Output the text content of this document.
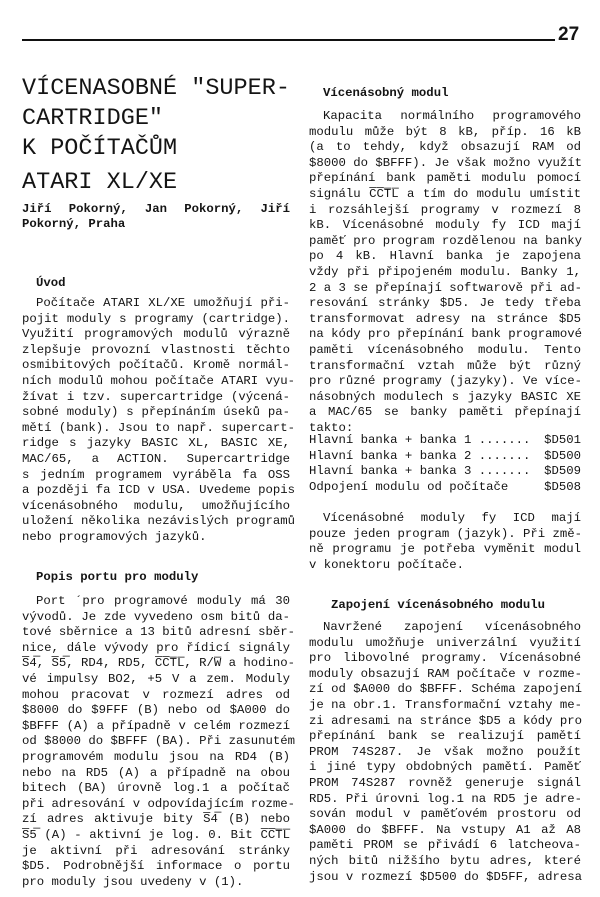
27
VÍCENASOBNÉ "SUPER-
CARTRIDGE"
K POČÍTAČŮM
ATARI XL/XE
Jiří Pokorný, Jan Pokorný, Jiří
Pokorný, Praha
Úvod
Počítače ATARI XL/XE umožňují při-
pojit moduly s programy (cartridge).
Využití programových modulů výrazně
zlepšuje provozní vlastnosti těchto
osmibitových počítačů. Kromě normál-
ních modulů mohou počítače ATARI vyu-
žívat i tzv. supercartridge (výcená-
sobné moduly) s přepínáním úseků pa-
mětí (bank). Jsou to např. supercart-
ridge s jazyky BASIC XL, BASIC XE,
MAC/65, a ACTION. Supercartridge
s jedním programem vyráběla fa OSS
a později fa ICD v USA. Uvedeme popis
vícenásobného modulu, umožňujícího
uložení několika nezávislých programů
nebo programových jazyků.
Popis portu pro moduly
Port ´pro programové moduly má 30
vývodů. Je zde vyvedeno osm bitů da-
tové sběrnice a 13 bitů adresní sběr-
nice, dále vývody pro řídicí signály
S̅4̅, S̅5̅, RD4, RD5, C̅C̅T̅L̅, R/W̅ a hodino-
vé impulsy BO2, +5 V a zem. Moduly
mohou pracovat v rozmezí adres od
$8000 do $9FFF (B) nebo od $A000 do
$BFFF (A) a případně v celém rozmezí
od $8000 do $BFFF (BA). Při zasunutém
programovém modulu jsou na RD4 (B)
nebo na RD5 (A) a případně na obou
bitech (BA) úrovně log.1 a počítač
při adresování v odpovídajícím rozme-
zí adres aktivuje bity S̅4̅ (B) nebo
S̅5̅ (A) - aktivní je log. 0. Bit C̅C̅T̅L̅
je aktivní při adresování stránky
$D5. Podrobnější informace o portu
pro moduly jsou uvedeny v (1).
Vícenásobný modul
Kapacita normálního programového
modulu může být 8 kB, příp. 16 kB
(a to tehdy, když obsazují RAM od
$8000 do $BFFF). Je však možno využít
přepínání bank paměti modulu pomocí
signálu C̅C̅T̅L̅ a tím do modulu umístit
i rozsáhlejší programy v rozmezí 8
kB. Vícenásobné moduly fy ICD mají
paměť pro program rozdělenou na banky
po 4 kB. Hlavní banka je zapojena
vždy při připojeném modulu. Banky 1,
2 a 3 se přepínají softwarově při ad-
resování stránky $D5. Je tedy třeba
transformovat adresy na stránce $D5
na kódy pro přepínání bank programové
paměti vícenásobného modulu. Tento
transformační vztah může být různý
pro různé programy (jazyky). Ve více-
násobných modulech s jazyky BASIC XE
a MAC/65 se banky paměti přepínají
takto:
Hlavní banka + banka 1 ....... $D501
Hlavní banka + banka 2 ....... $D500
Hlavní banka + banka 3 ....... $D509
Odpojení modulu od počítače	$D508
Vícenásobné moduly fy ICD mají
pouze jeden program (jazyk). Při změ-
ně programu je potřeba vyměnit modul
v konektoru počítače.
Zapojení vícenásobného modulu
Navržené zapojení vícenásobného
modulu umožňuje univerzální využití
pro libovolné programy. Vícenásobné
moduly obsazují RAM počítače v rozme-
zí od $A000 do $BFFF. Schéma zapojení
je na obr.1. Transformační vztahy me-
zi adresami na stránce $D5 a kódy pro
přepínání bank se realizují pamětí
PROM 74S287. Je však možno použít
i jiné typy obdobných pamětí. Paměť
PROM 74S287 rovněž generuje signál
RD5. Při úrovni log.1 na RD5 je adre-
sován modul v paměťovém prostoru od
$A000 do $BFFF. Na vstupy A1 až A8
paměti PROM se přivádí 6 latcheova-
ných bitů nižšího bytu adres, které
jsou v rozmezí $D500 do $D5FF, adresa
